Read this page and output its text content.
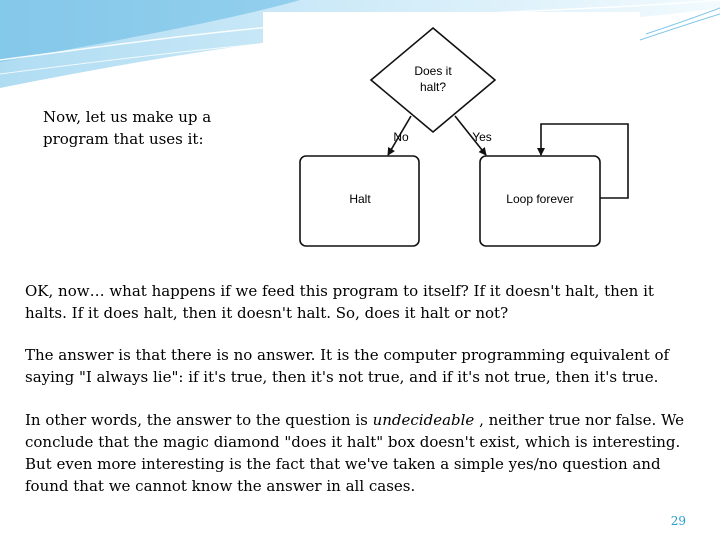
Now, let us make up a program that uses it:
Does it
halt?
No	Yes
Halt	Loop forever
OK, now… what happens if we feed this program to itself? If it doesn't halt, then it halts. If it does halt, then it doesn't halt. So, does it halt or not?
The answer is that there is no answer. It is the computer programming equivalent of saying "I always lie": if it's true, then it's not true, and if it's not true, then it's true.
In other words, the answer to the question is undecideable , neither true nor false. We conclude that the magic diamond "does it halt" box doesn't exist, which is interesting. But even more interesting is the fact that we've taken a simple yes/no question and found that we cannot know the answer in all cases.
29
